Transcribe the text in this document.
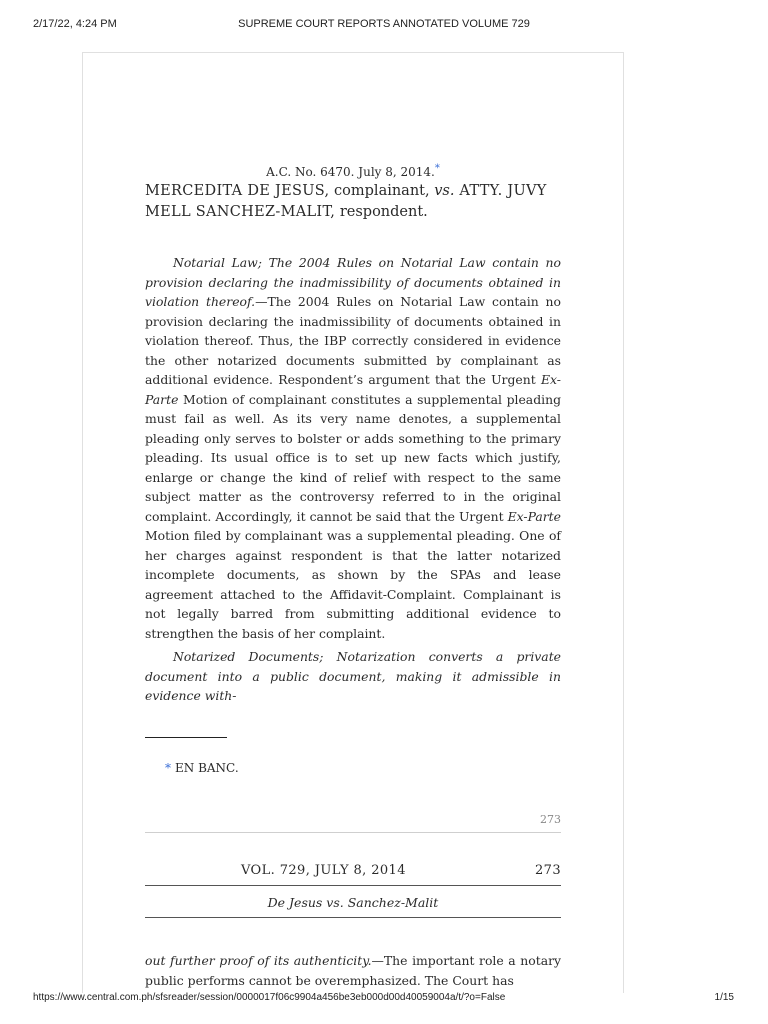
2/17/22, 4:24 PM	SUPREME COURT REPORTS ANNOTATED VOLUME 729
A.C. No. 6470. July 8, 2014.*
MERCEDITA DE JESUS, complainant, vs. ATTY. JUVY MELL SANCHEZ-MALIT, respondent.

Notarial Law; The 2004 Rules on Notarial Law contain no provision declaring the inadmissibility of documents obtained in violation thereof.—The 2004 Rules on Notarial Law contain no provision declaring the inadmissibility of documents obtained in violation thereof. Thus, the IBP correctly considered in evidence the other notarized documents submitted by complainant as additional evidence. Respondent’s argument that the Urgent Ex-Parte Motion of complainant constitutes a supplemental pleading must fail as well. As its very name denotes, a supplemental pleading only serves to bolster or adds something to the primary pleading. Its usual office is to set up new facts which justify, enlarge or change the kind of relief with respect to the same subject matter as the controversy referred to in the original complaint. Accordingly, it cannot be said that the Urgent Ex-Parte Motion filed by complainant was a supplemental pleading. One of her charges against respondent is that the latter notarized incomplete documents, as shown by the SPAs and lease agreement attached to the Affidavit-Complaint. Complainant is not legally barred from submitting additional evidence to strengthen the basis of her complaint.

Notarized Documents; Notarization converts a private document into a public document, making it admissible in evidence with-

* EN BANC.
273
VOL. 729, JULY 8, 2014	273
De Jesus vs. Sanchez-Malit

out further proof of its authenticity.—The important role a notary public performs cannot be overemphasized. The Court has

https://www.central.com.ph/sfsreader/session/0000017f06c9904a456be3eb000d00d40059004a/t/?o=False	1/15
